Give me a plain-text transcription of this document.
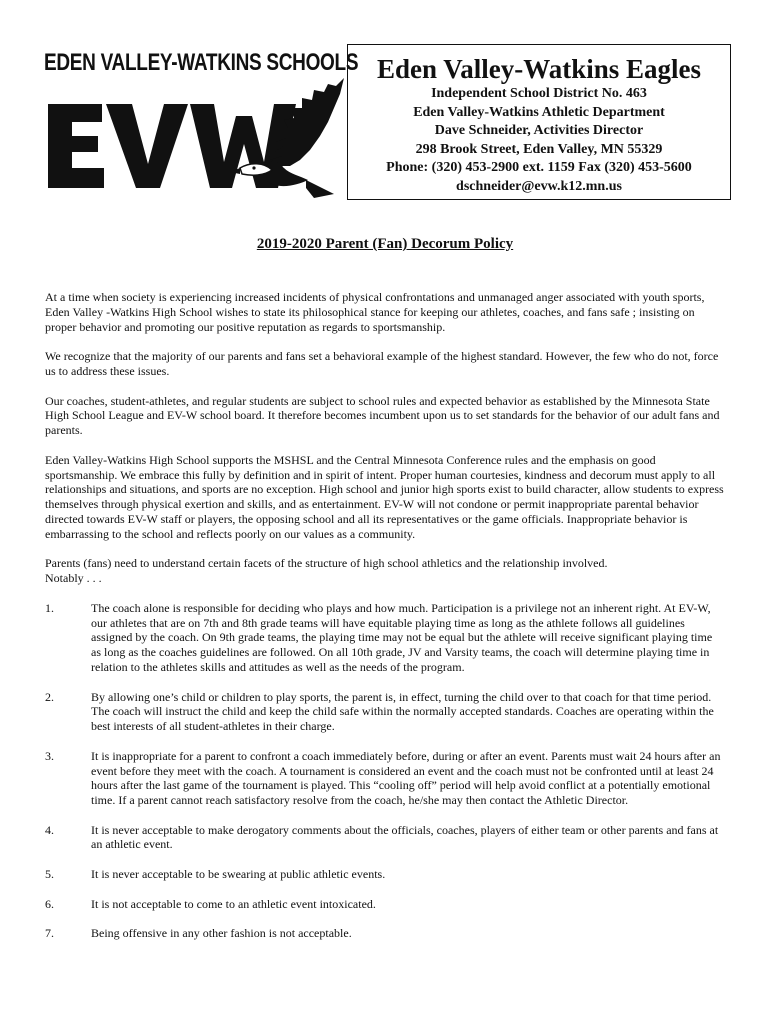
EDEN VALLEY-WATKINS SCHOOLS Eden Valley-Watkins Eagles
Independent School District No. 463
Eden Valley-Watkins Athletic Department
Dave Schneider, Activities Director
298 Brook Street, Eden Valley, MN 55329
Phone: (320) 453-2900 ext. 1159 Fax (320) 453-5600
dschneider@evw.k12.mn.us
2019-2020 Parent (Fan) Decorum Policy

At a time when society is experiencing increased incidents of physical confrontations and unmanaged anger associated with youth sports, Eden Valley -Watkins High School wishes to state its philosophical stance for keeping our athletes, coaches, and fans safe ; insisting on proper behavior and promoting our positive reputation as regards to sportsmanship.

We recognize that the majority of our parents and fans set a behavioral example of the highest standard. However, the few who do not, force us to address these issues.

Our coaches, student-athletes, and regular students are subject to school rules and expected behavior as established by the Minnesota State High School League and EV-W school board. It therefore becomes incumbent upon us to set standards for the behavior of our adult fans and parents.

Eden Valley-Watkins High School supports the MSHSL and the Central Minnesota Conference rules and the emphasis on good sportsmanship. We embrace this fully by definition and in spirit of intent. Proper human courtesies, kindness and decorum must apply to all relationships and situations, and sports are no exception. High school and junior high sports exist to build character, allow students to express themselves through physical exertion and skills, and as entertainment. EV-W will not condone or permit inappropriate parental behavior directed towards EV-W staff or players, the opposing school and all its representatives or the game officials. Inappropriate behavior is embarrassing to the school and reflects poorly on our values as a community.

Parents (fans) need to understand certain facets of the structure of high school athletics and the relationship involved.
Notably . . .
1.	The coach alone is responsible for deciding who plays and how much. Participation is a privilege not an inherent right. At EV-W, our athletes that are on 7th and 8th grade teams will have equitable playing time as long as the athlete follows all guidelines assigned by the coach. On 9th grade teams, the playing time may not be equal but the athlete will receive significant playing time as long as the coaches guidelines are followed. On all 10th grade, JV and Varsity teams, the coach will determine playing time in relation to the athletes skills and attitudes as well as the needs of the program.
2.	By allowing one’s child or children to play sports, the parent is, in effect, turning the child over to that coach for that time period. The coach will instruct the child and keep the child safe within the normally accepted standards. Coaches are operating within the best interests of all student-athletes in their charge.
3.	It is inappropriate for a parent to confront a coach immediately before, during or after an event. Parents must wait 24 hours after an event before they meet with the coach. A tournament is considered an event and the coach must not be confronted until at least 24 hours after the last game of the tournament is played. This “cooling off” period will help avoid conflict at a potentially emotional time. If a parent cannot reach satisfactory resolve from the coach, he/she may then contact the Athletic Director.
4.	It is never acceptable to make derogatory comments about the officials, coaches, players of either team or other parents and fans at an athletic event.
5.	It is never acceptable to be swearing at public athletic events.
6.	It is not acceptable to come to an athletic event intoxicated.
7.	Being offensive in any other fashion is not acceptable.
